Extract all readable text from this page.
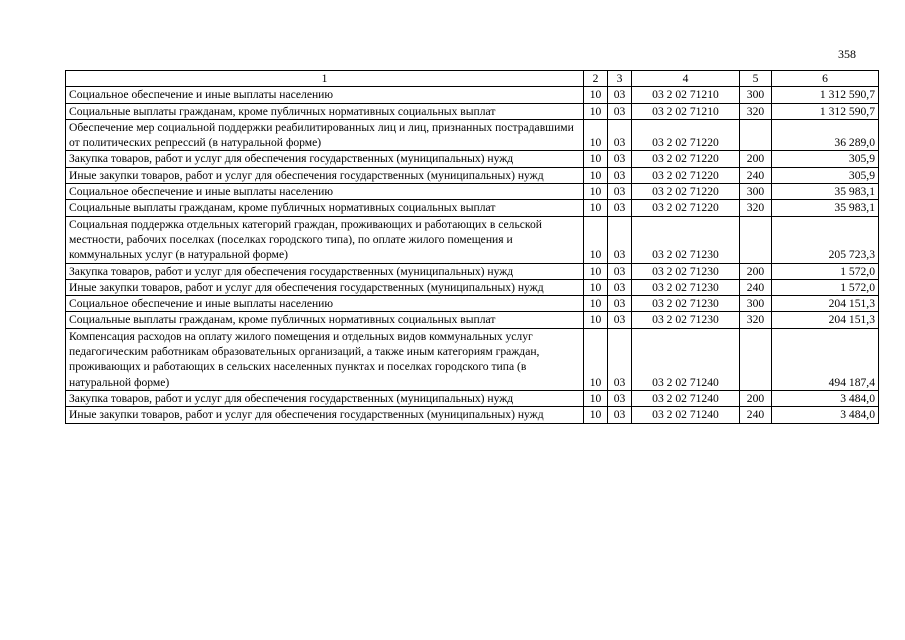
358
1	2	3	4	5	6
Социальное обеспечение и иные выплаты населению	10	03	03 2 02 71210	300	1 312 590,7
Социальные выплаты гражданам, кроме публичных нормативных социальных выплат	10	03	03 2 02 71210	320	1 312 590,7
Обеспечение мер социальной поддержки реабилитированных лиц и лиц, признанных пострадавшими от политических репрессий (в натуральной форме)	10	03	03 2 02 71220		36 289,0
Закупка товаров, работ и услуг для обеспечения государственных (муниципальных) нужд	10	03	03 2 02 71220	200	305,9
Иные закупки товаров, работ и услуг для обеспечения государственных (муниципальных) нужд	10	03	03 2 02 71220	240	305,9
Социальное обеспечение и иные выплаты населению	10	03	03 2 02 71220	300	35 983,1
Социальные выплаты гражданам, кроме публичных нормативных социальных выплат	10	03	03 2 02 71220	320	35 983,1
Социальная поддержка отдельных категорий граждан, проживающих и работающих в сельской местности, рабочих поселках (поселках городского типа), по оплате жилого помещения и коммунальных услуг (в натуральной форме)	10	03	03 2 02 71230		205 723,3
Закупка товаров, работ и услуг для обеспечения государственных (муниципальных) нужд	10	03	03 2 02 71230	200	1 572,0
Иные закупки товаров, работ и услуг для обеспечения государственных (муниципальных) нужд	10	03	03 2 02 71230	240	1 572,0
Социальное обеспечение и иные выплаты населению	10	03	03 2 02 71230	300	204 151,3
Социальные выплаты гражданам, кроме публичных нормативных социальных выплат	10	03	03 2 02 71230	320	204 151,3
Компенсация расходов на оплату жилого помещения и отдельных видов коммунальных услуг педагогическим работникам образовательных организаций, а также иным категориям граждан, проживающих и работающих в сельских населенных пунктах и поселках городского типа (в натуральной форме)	10	03	03 2 02 71240		494 187,4
Закупка товаров, работ и услуг для обеспечения государственных (муниципальных) нужд	10	03	03 2 02 71240	200	3 484,0
Иные закупки товаров, работ и услуг для обеспечения государственных (муниципальных) нужд	10	03	03 2 02 71240	240	3 484,0
